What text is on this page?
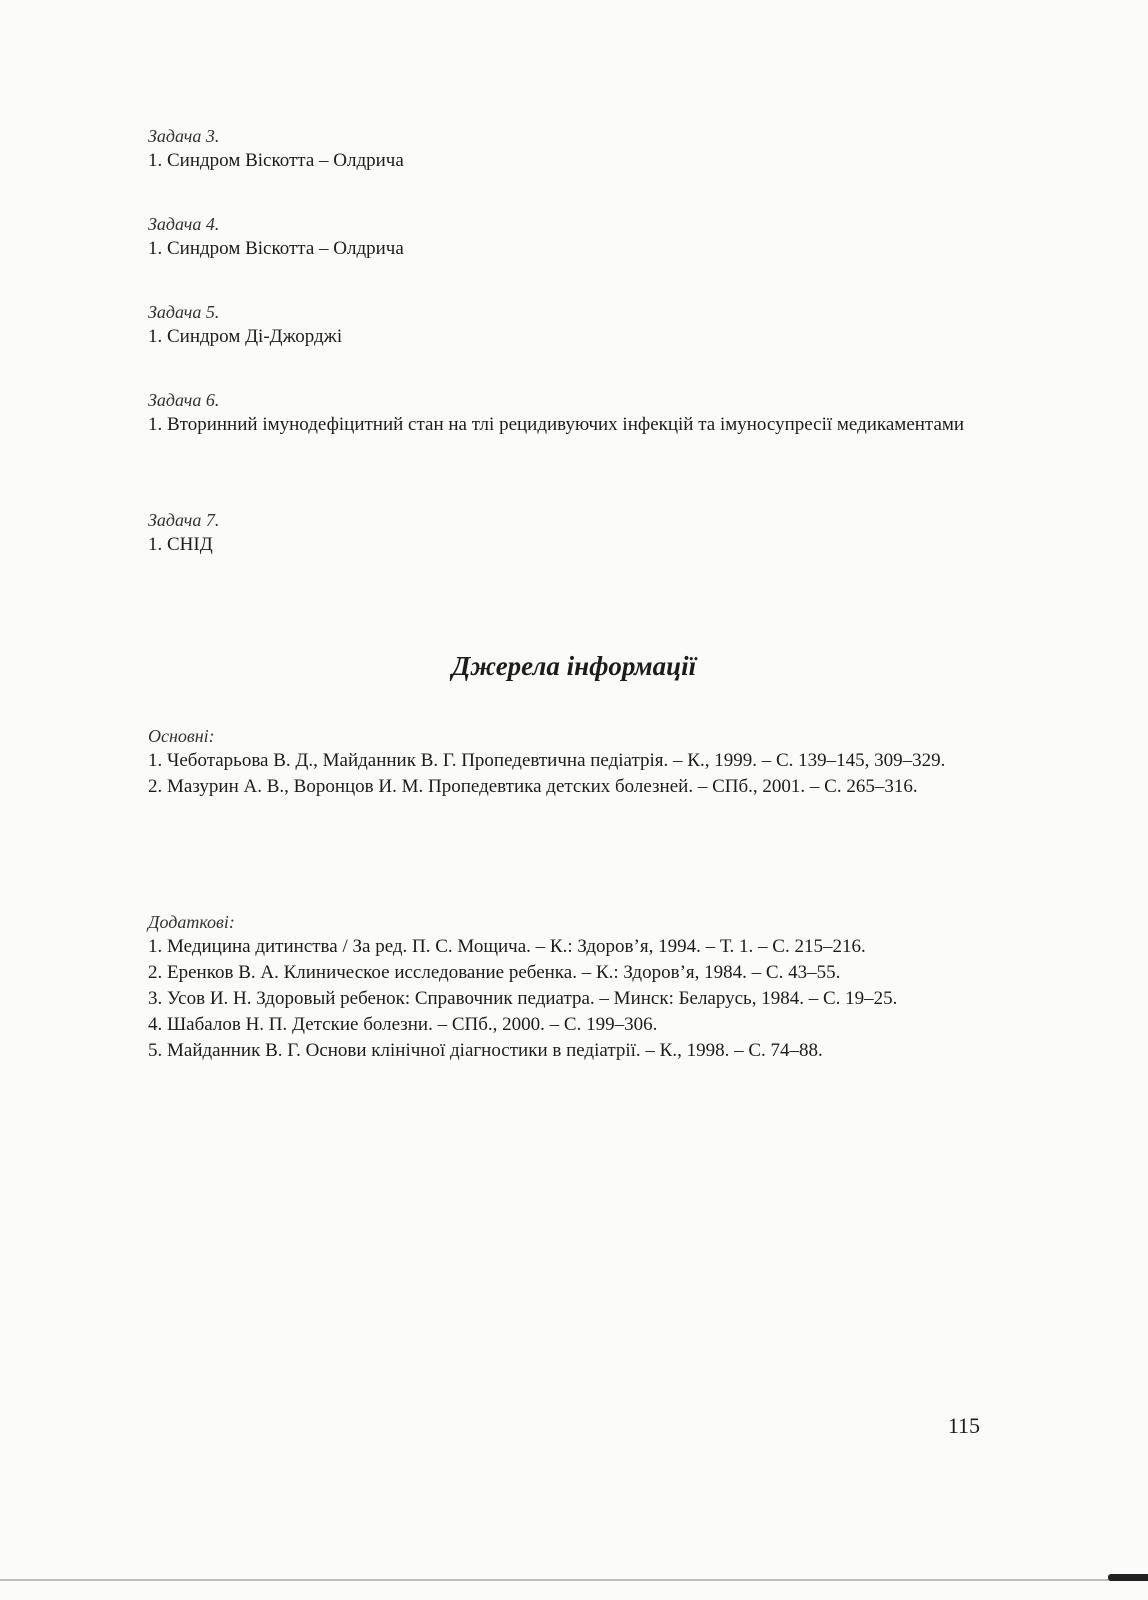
Задача 3.
1. Синдром Віскотта – Олдрича
Задача 4.
1. Синдром Віскотта – Олдрича
Задача 5.
1. Синдром Ді-Джорджі
Задача 6.
1. Вторинний імунодефіцитний стан на тлі рецидивуючих інфекцій та імуносупресії медикаментами
Задача 7.
1. СНІД
Джерела інформації
Основні:
1. Чеботарьова В. Д., Майданник В. Г. Пропедевтична педіатрія. – К., 1999. – С. 139–145, 309–329.
2. Мазурин А. В., Воронцов И. М. Пропедевтика детских болезней. – СПб., 2001. – С. 265–316.
Додаткові:
1. Медицина дитинства / За ред. П. С. Мощича. – К.: Здоров’я, 1994. – Т. 1. – С. 215–216.
2. Еренков В. А. Клиническое исследование ребенка. – К.: Здоров’я, 1984. – С. 43–55.
3. Усов И. Н. Здоровый ребенок: Справочник педиатра. – Минск: Беларусь, 1984. – С. 19–25.
4. Шабалов Н. П. Детские болезни. – СПб., 2000. – С. 199–306.
5. Майданник В. Г. Основи клінічної діагностики в педіатрії. – К., 1998. – С. 74–88.
115
